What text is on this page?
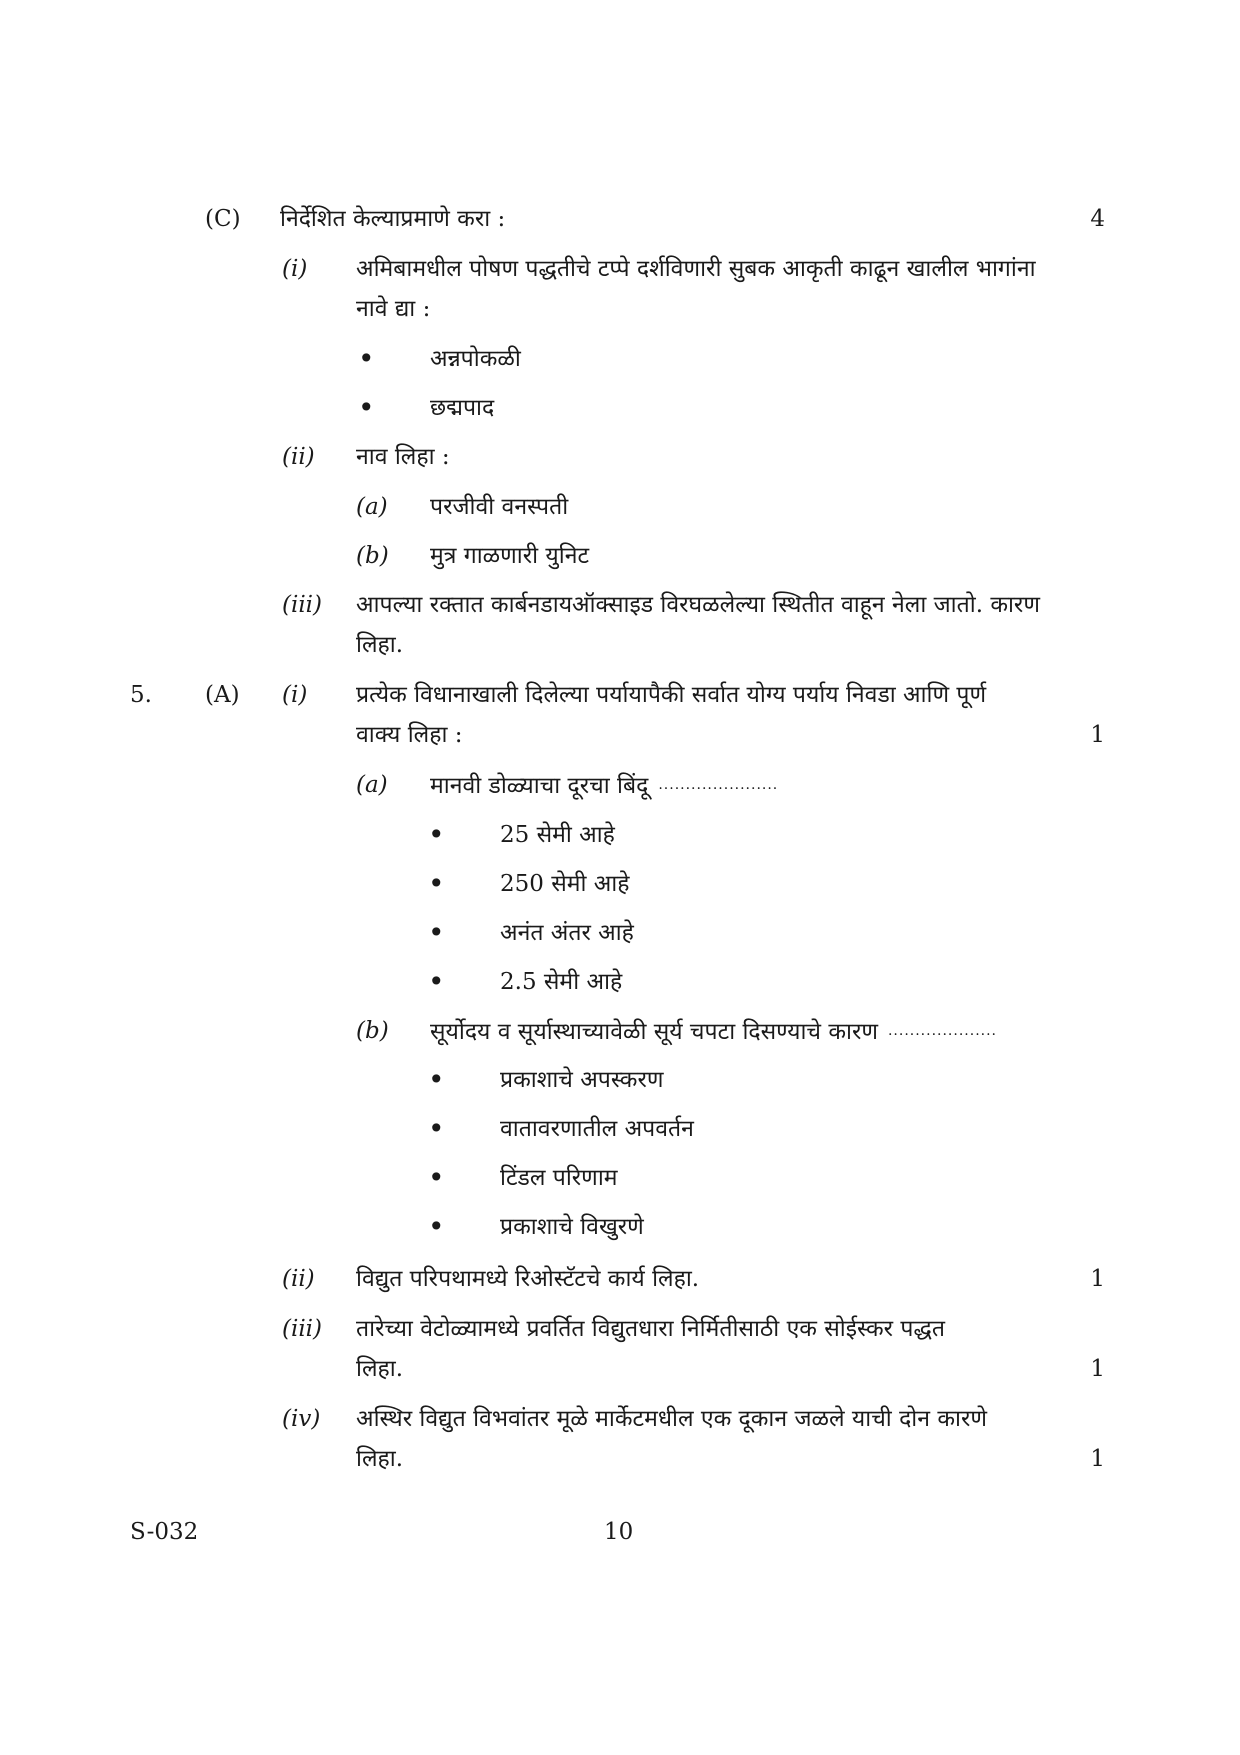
(C) निर्देशित केल्याप्रमाणे करा :	4
(i) अमिबामधील पोषण पद्धतीचे टप्पे दर्शविणारी सुबक आकृती काढून खालील भागांना
नावे द्या :
• अन्नपोकळी
• छद्मपाद
(ii) नाव लिहा :
(a) परजीवी वनस्पती
(b) मुत्र गाळणारी युनिट
(iii) आपल्या रक्तात कार्बनडायऑक्साइड विरघळलेल्या स्थितीत वाहून नेला जातो. कारण
लिहा.
5. (A) (i) प्रत्येक विधानाखाली दिलेल्या पर्यायापैकी सर्वात योग्य पर्याय निवडा आणि पूर्ण
वाक्य लिहा :	1
(a) मानवी डोळ्याचा दूरचा बिंदू ......................
• 25 सेमी आहे
• 250 सेमी आहे
• अनंत अंतर आहे
• 2.5 सेमी आहे
(b) सूर्योदय व सूर्यास्थाच्यावेळी सूर्य चपटा दिसण्याचे कारण ....................
• प्रकाशाचे अपस्करण
• वातावरणातील अपवर्तन
• टिंडल परिणाम
• प्रकाशाचे विखुरणे
(ii) विद्युत परिपथामध्ये रिओस्टॅटचे कार्य लिहा.	1
(iii) तारेच्या वेटोळ्यामध्ये प्रवर्तित विद्युतधारा निर्मितीसाठी एक सोईस्कर पद्धत
लिहा.	1
(iv) अस्थिर विद्युत विभवांतर मूळे मार्केटमधील एक दूकान जळले याची दोन कारणे
लिहा.	1
S-032	10
